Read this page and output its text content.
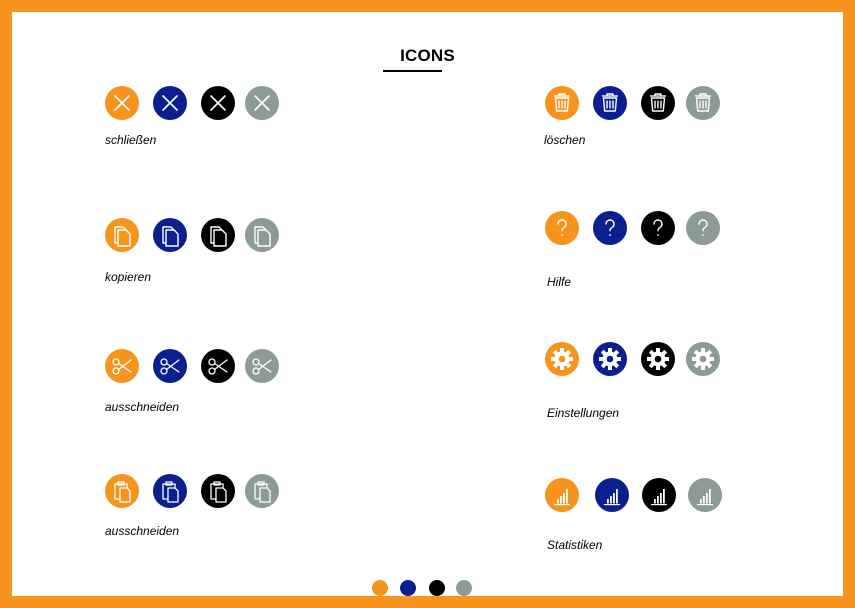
ICONS
schließen
kopieren
ausschneiden
ausschneiden
löschen
Hilfe
Einstellungen
Statistiken
